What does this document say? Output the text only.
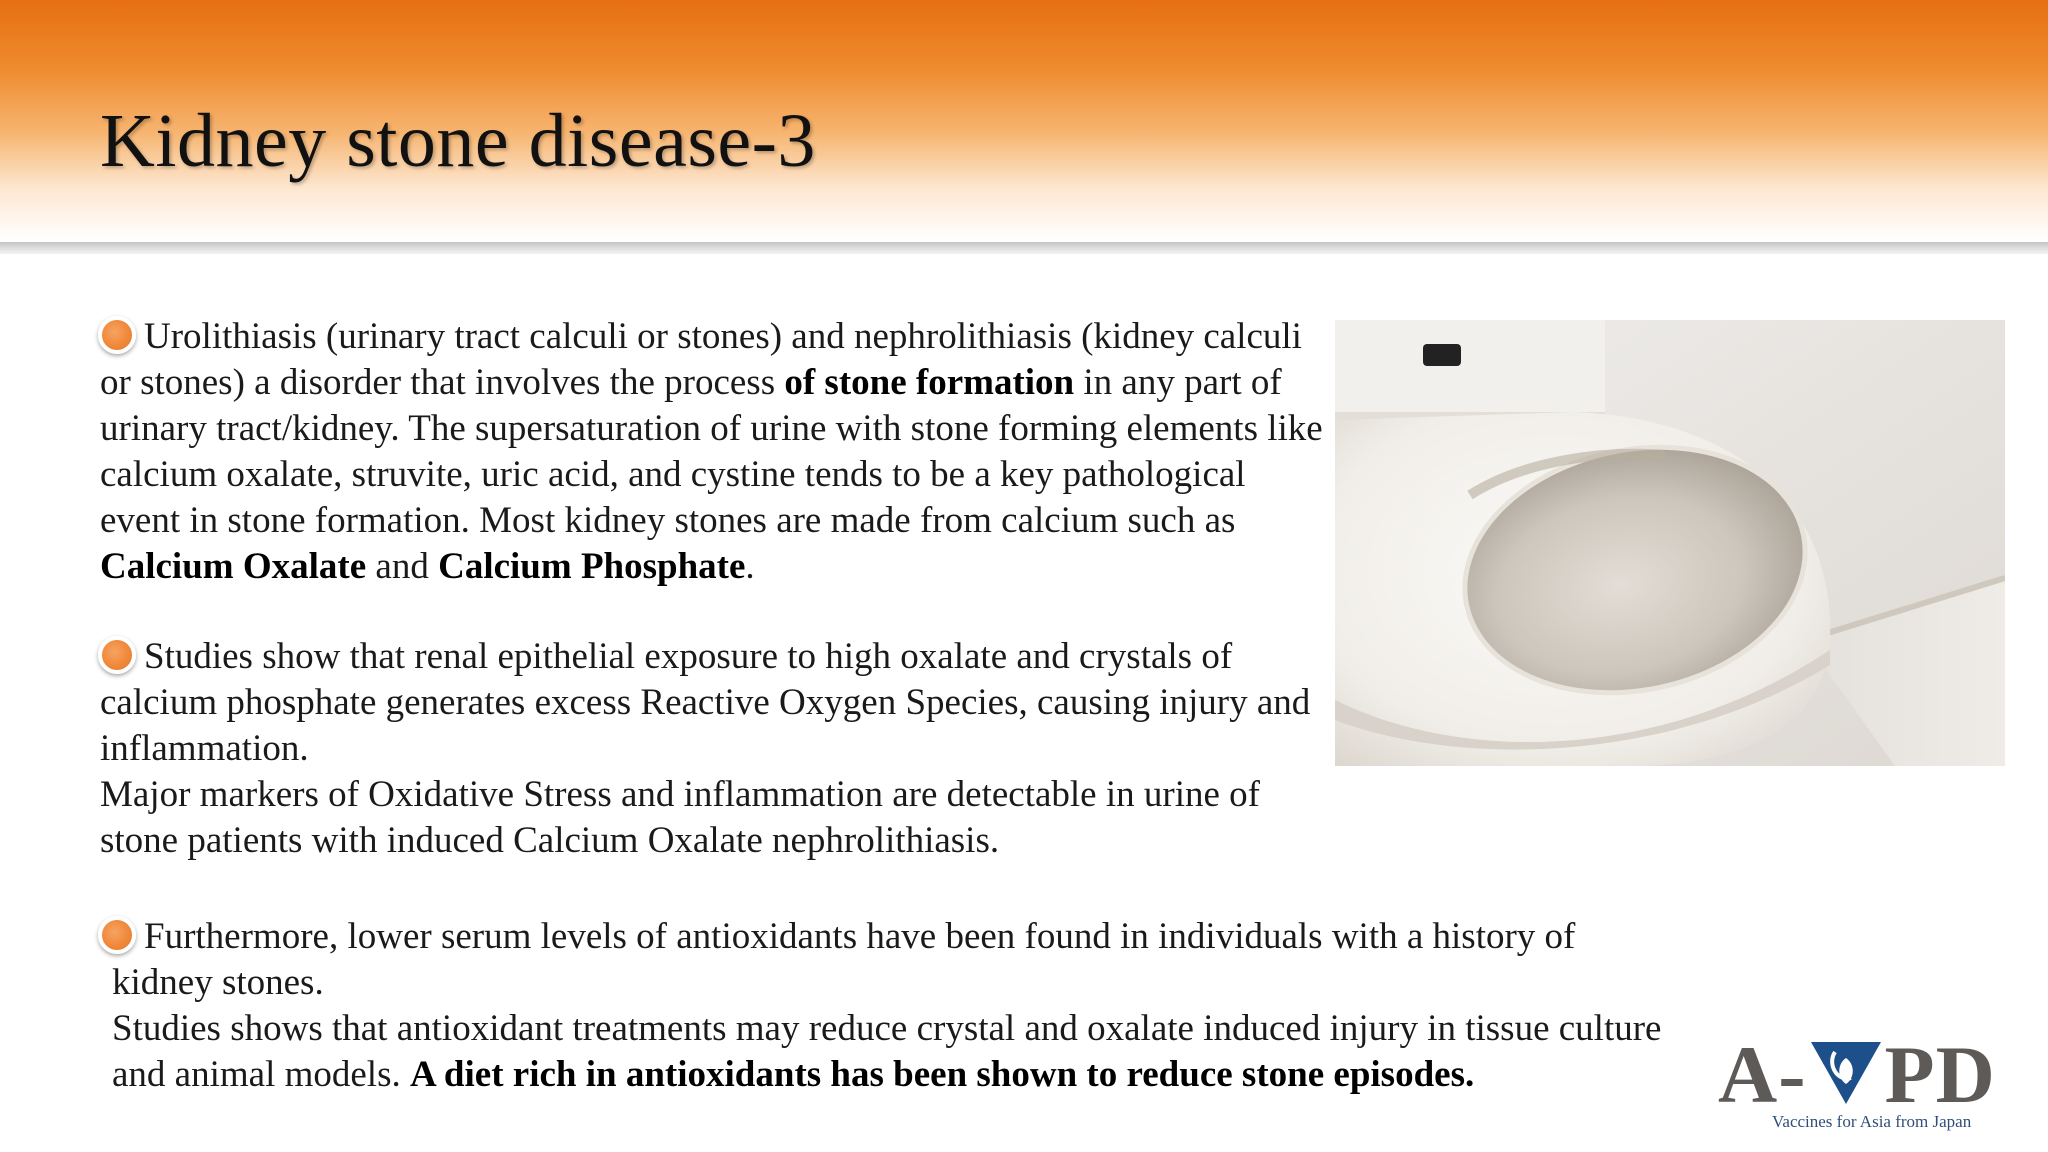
Kidney stone disease-3
Urolithiasis (urinary tract calculi or stones) and nephrolithiasis (kidney calculi or stones) a disorder that involves the process of stone formation in any part of urinary tract/kidney. The supersaturation of urine with stone forming elements like calcium oxalate, struvite, uric acid, and cystine tends to be a key pathological event in stone formation. Most kidney stones are made from calcium such as Calcium Oxalate and Calcium Phosphate.
Studies show that renal epithelial exposure to high oxalate and crystals of calcium phosphate generates excess Reactive Oxygen Species, causing injury and inflammation.
Major markers of Oxidative Stress and inflammation are detectable in urine of stone patients with induced Calcium Oxalate nephrolithiasis.
Furthermore, lower serum levels of antioxidants have been found in individuals with a history of kidney stones.
Studies shows that antioxidant treatments may reduce crystal and oxalate induced injury in tissue culture and animal models. A diet rich in antioxidants has been shown to reduce stone episodes.	A- PD
Vaccines for Asia from Japan
